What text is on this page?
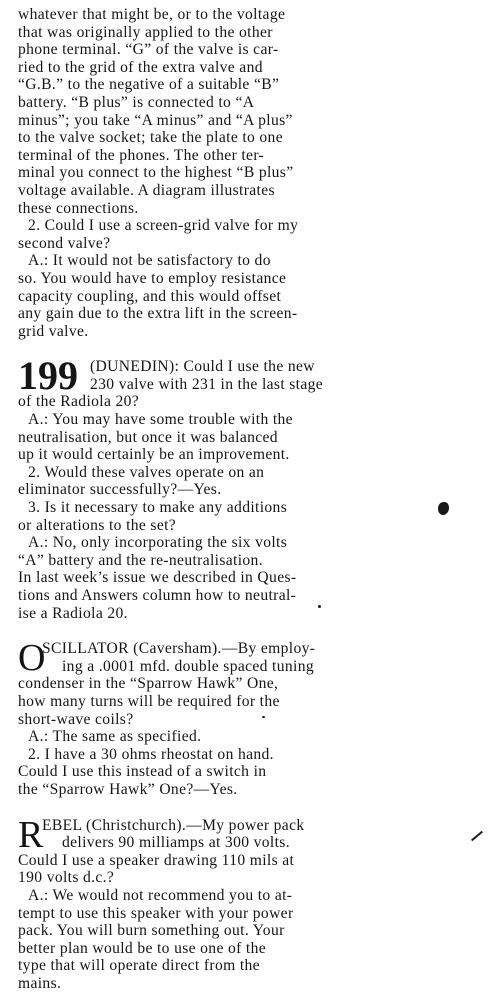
whatever that might be, or to the voltage
that was originally applied to the other
phone terminal. “G” of the valve is car-
ried to the grid of the extra valve and
“G.B.” to the negative of a suitable “B”
battery. “B plus” is connected to “A
minus”; you take “A minus” and “A plus”
to the valve socket; take the plate to one
terminal of the phones. The other ter-
minal you connect to the highest “B plus”
voltage available. A diagram illustrates
these connections.
2. Could I use a screen-grid valve for my
second valve?
A.: It would not be satisfactory to do
so. You would have to employ resistance
capacity coupling, and this would offset
any gain due to the extra lift in the screen-
grid valve.
199 (DUNEDIN): Could I use the new
230 valve with 231 in the last stage
of the Radiola 20?
A.: You may have some trouble with the
neutralisation, but once it was balanced
up it would certainly be an improvement.
2. Would these valves operate on an
eliminator successfully?—Yes.
3. Is it necessary to make any additions
or alterations to the set?
A.: No, only incorporating the six volts
“A” battery and the re-neutralisation.
In last week’s issue we described in Ques-
tions and Answers column how to neutral-
ise a Radiola 20.
O
SCILLATOR (Caversham).—By employ-
ing a .0001 mfd. double spaced tuning
condenser in the “Sparrow Hawk” One,
how many turns will be required for the
short-wave coils?
A.: The same as specified.
2. I have a 30 ohms rheostat on hand.
Could I use this instead of a switch in
the “Sparrow Hawk” One?—Yes.
R
EBEL (Christchurch).—My power pack
delivers 90 milliamps at 300 volts.
Could I use a speaker drawing 110 mils at
190 volts d.c.?
A.: We would not recommend you to at-
tempt to use this speaker with your power
pack. You will burn something out. Your
better plan would be to use one of the
type that will operate direct from the
mains.
